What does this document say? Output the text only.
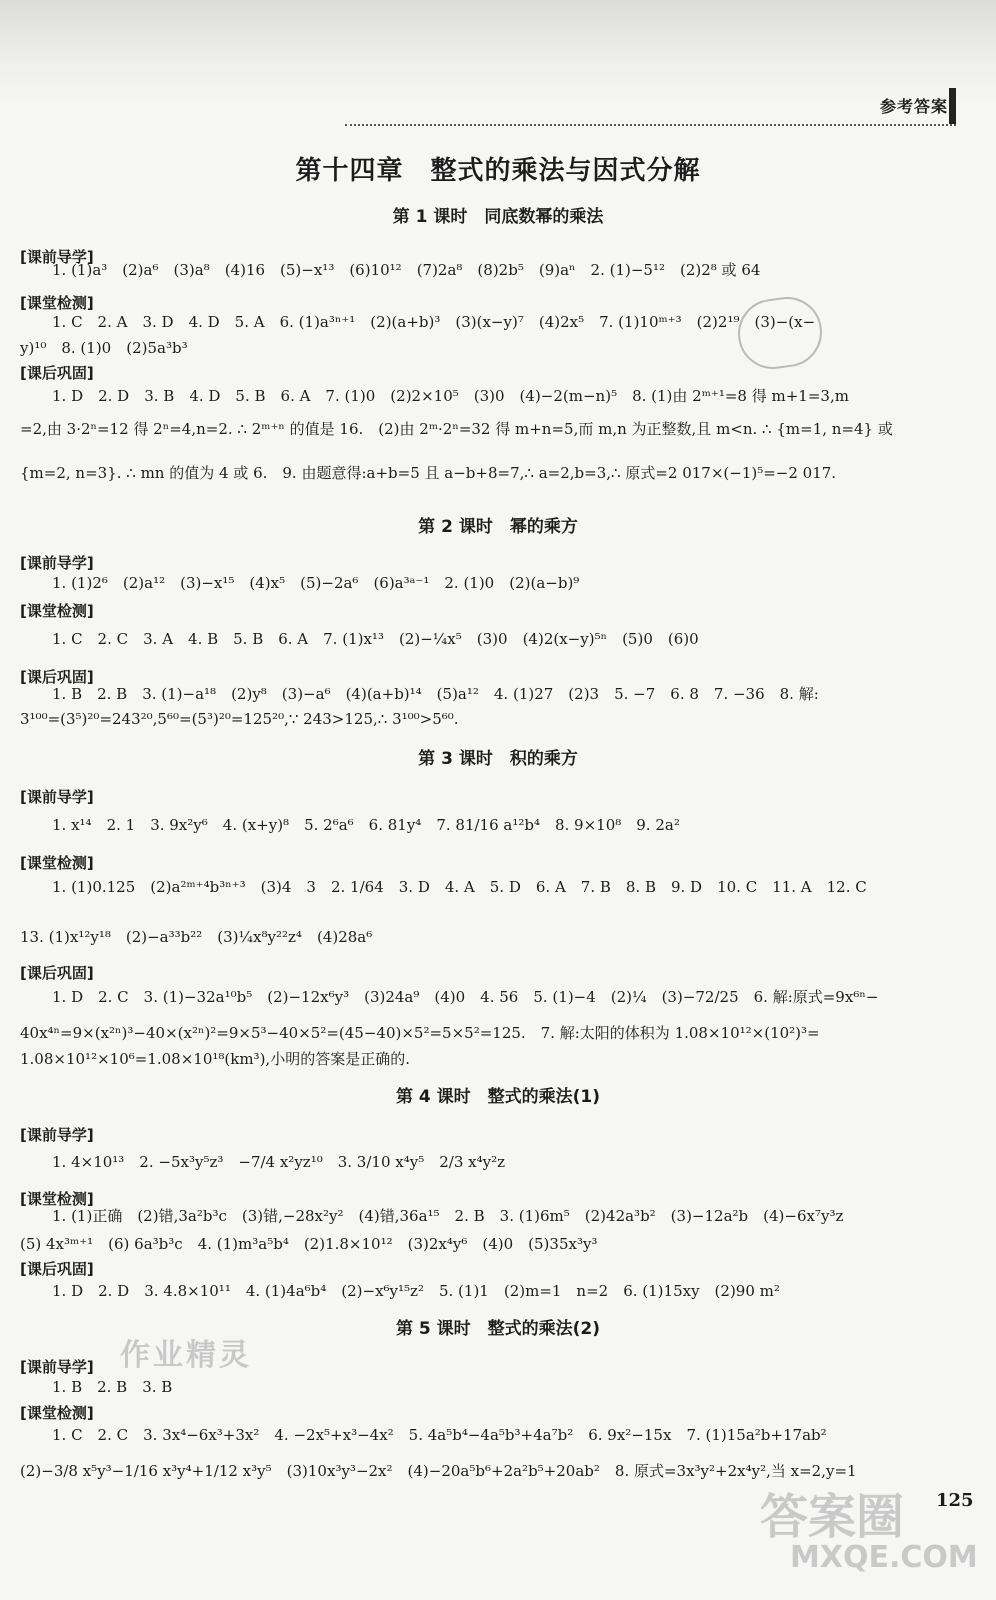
参考答案
第十四章　整式的乘法与因式分解
第 1 课时　同底数幂的乘法
[课前导学]
1. (1)a³　(2)a⁶　(3)a⁸　(4)16　(5)−x¹³　(6)10¹²　(7)2a⁸　(8)2b⁵　(9)aⁿ　2. (1)−5¹²　(2)2⁸ 或 64
[课堂检测]
1. C　2. A　3. D　4. D　5. A　6. (1)a³ⁿ⁺¹　(2)(a+b)³　(3)(x−y)⁷　(4)2x⁵　7. (1)10ᵐ⁺³　(2)2¹⁹　(3)−(x−
y)¹⁰　8. (1)0　(2)5a³b³
[课后巩固]
1. D　2. D　3. B　4. D　5. B　6. A　7. (1)0　(2)2×10⁵　(3)0　(4)−2(m−n)⁵　8. (1)由 2ᵐ⁺¹=8 得 m+1=3,m
=2,由 3·2ⁿ=12 得 2ⁿ=4,n=2. ∴ 2ᵐ⁺ⁿ 的值是 16.　(2)由 2ᵐ·2ⁿ=32 得 m+n=5,而 m,n 为正整数,且 m<n. ∴ {m=1, n=4} 或
{m=2, n=3}. ∴ mn 的值为 4 或 6.　9. 由题意得:a+b=5 且 a−b+8=7,∴ a=2,b=3,∴ 原式=2 017×(−1)⁵=−2 017.
第 2 课时　幂的乘方
[课前导学]
1. (1)2⁶　(2)a¹²　(3)−x¹⁵　(4)x⁵　(5)−2a⁶　(6)a³ᵃ⁻¹　2. (1)0　(2)(a−b)⁹
[课堂检测]
1. C　2. C　3. A　4. B　5. B　6. A　7. (1)x¹³　(2)−¼x⁵　(3)0　(4)2(x−y)⁵ⁿ　(5)0　(6)0
[课后巩固]
1. B　2. B　3. (1)−a¹⁸　(2)y⁸　(3)−a⁶　(4)(a+b)¹⁴　(5)a¹²　4. (1)27　(2)3　5. −7　6. 8　7. −36　8. 解:
3¹⁰⁰=(3⁵)²⁰=243²⁰,5⁶⁰=(5³)²⁰=125²⁰,∵ 243>125,∴ 3¹⁰⁰>5⁶⁰.
第 3 课时　积的乘方
[课前导学]
1. x¹⁴　2. 1　3. 9x²y⁶　4. (x+y)⁸　5. 2⁶a⁶　6. 81y⁴　7. 81/16 a¹²b⁴　8. 9×10⁸　9. 2a²
[课堂检测]
1. (1)0.125　(2)a²ᵐ⁺⁴b³ⁿ⁺³　(3)4　3　2. 1/64　3. D　4. A　5. D　6. A　7. B　8. B　9. D　10. C　11. A　12. C
13. (1)x¹²y¹⁸　(2)−a³³b²²　(3)¼x⁸y²²z⁴　(4)28a⁶
[课后巩固]
1. D　2. C　3. (1)−32a¹⁰b⁵　(2)−12x⁶y³　(3)24a⁹　(4)0　4. 56　5. (1)−4　(2)¼　(3)−72/25　6. 解:原式=9x⁶ⁿ−
40x⁴ⁿ=9×(x²ⁿ)³−40×(x²ⁿ)²=9×5³−40×5²=(45−40)×5²=5×5²=125.　7. 解:太阳的体积为 1.08×10¹²×(10²)³=
1.08×10¹²×10⁶=1.08×10¹⁸(km³),小明的答案是正确的.
第 4 课时　整式的乘法(1)
[课前导学]
1. 4×10¹³　2. −5x³y⁵z³　−7/4 x²yz¹⁰　3. 3/10 x⁴y⁵　2/3 x⁴y²z
[课堂检测]
1. (1)正确　(2)错,3a²b³c　(3)错,−28x²y²　(4)错,36a¹⁵　2. B　3. (1)6m⁵　(2)42a³b²　(3)−12a²b　(4)−6x⁷y³z
(5) 4x³ᵐ⁺¹　(6) 6a³b³c　4. (1)m³a⁵b⁴　(2)1.8×10¹²　(3)2x⁴y⁶　(4)0　(5)35x³y³
[课后巩固]
1. D　2. D　3. 4.8×10¹¹　4. (1)4a⁶b⁴　(2)−x⁶y¹⁵z²　5. (1)1　(2)m=1　n=2　6. (1)15xy　(2)90 m²
第 5 课时　整式的乘法(2)
[课前导学]
1. B　2. B　3. B
[课堂检测]
1. C　2. C　3. 3x⁴−6x³+3x²　4. −2x⁵+x³−4x²　5. 4a⁵b⁴−4a⁵b³+4a⁷b²　6. 9x²−15x　7. (1)15a²b+17ab²
(2)−3/8 x⁵y³−1/16 x³y⁴+1/12 x³y⁵　(3)10x³y³−2x²　(4)−20a⁵b⁶+2a²b⁵+20ab²　8. 原式=3x³y²+2x⁴y²,当 x=2,y=1
作业精灵
答案圈
MXQE.COM
125
